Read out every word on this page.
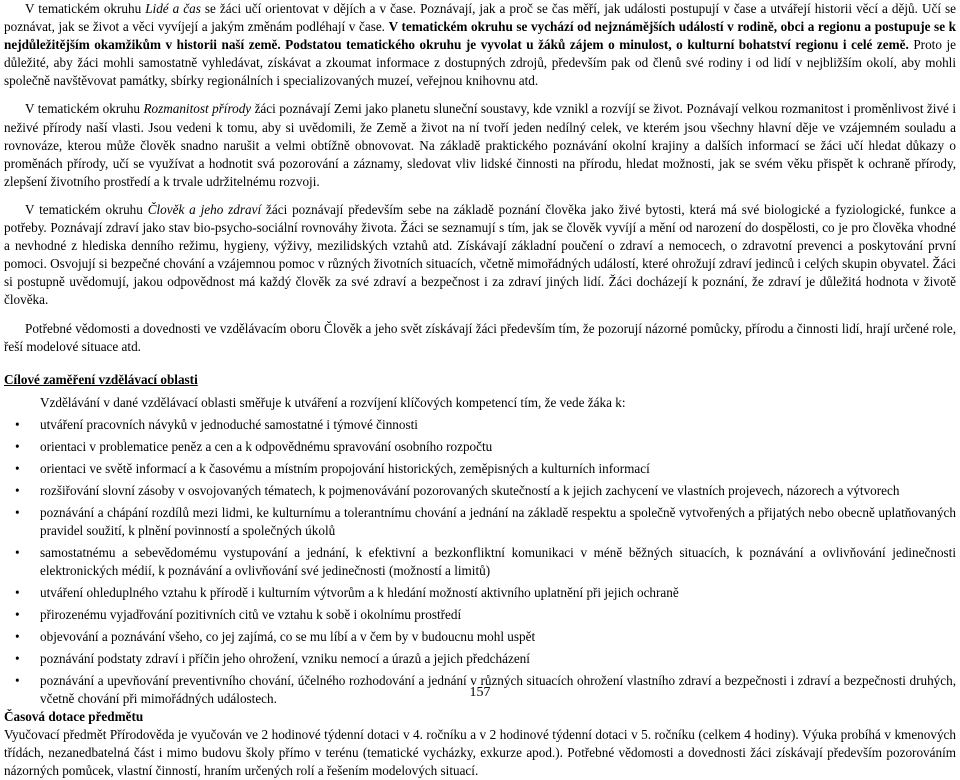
V tematickém okruhu Lidé a čas se žáci učí orientovat v dějích a v čase. Poznávají, jak a proč se čas měří, jak události postupují v čase a utvářejí historii věcí a dějů. Učí se poznávat, jak se život a věci vyvíjejí a jakým změnám podléhají v čase. V tematickém okruhu se vychází od nejznámějších událostí v rodině, obci a regionu a postupuje se k nejdůležitějším okamžikům v historii naší země. Podstatou tematického okruhu je vyvolat u žáků zájem o minulost, o kulturní bohatství regionu i celé země. Proto je důležité, aby žáci mohli samostatně vyhledávat, získávat a zkoumat informace z dostupných zdrojů, především pak od členů své rodiny i od lidí v nejbližším okolí, aby mohli společně navštěvovat památky, sbírky regionálních i specializovaných muzeí, veřejnou knihovnu atd.

V tematickém okruhu Rozmanitost přírody žáci poznávají Zemi jako planetu sluneční soustavy, kde vznikl a rozvíjí se život. Poznávají velkou rozmanitost i proměnlivost živé i neživé přírody naší vlasti. Jsou vedeni k tomu, aby si uvědomili, že Země a život na ní tvoří jeden nedílný celek, ve kterém jsou všechny hlavní děje ve vzájemném souladu a rovnováze, kterou může člověk snadno narušit a velmi obtížně obnovovat. Na základě praktického poznávání okolní krajiny a dalších informací se žáci učí hledat důkazy o proměnách přírody, učí se využívat a hodnotit svá pozorování a záznamy, sledovat vliv lidské činnosti na přírodu, hledat možnosti, jak se svém věku přispět k ochraně přírody, zlepšení životního prostředí a k trvale udržitelnému rozvoji.

V tematickém okruhu Člověk a jeho zdraví žáci poznávají především sebe na základě poznání člověka jako živé bytosti, která má své biologické a fyziologické, funkce a potřeby. Poznávají zdraví jako stav bio-psycho-sociální rovnováhy života. Žáci se seznamují s tím, jak se člověk vyvíjí a mění od narození do dospělosti, co je pro člověka vhodné a nevhodné z hlediska denního režimu, hygieny, výživy, mezilidských vztahů atd. Získávají základní poučení o zdraví a nemocech, o zdravotní prevenci a poskytování první pomoci. Osvojují si bezpečné chování a vzájemnou pomoc v různých životních situacích, včetně mimořádných událostí, které ohrožují zdraví jedinců i celých skupin obyvatel. Žáci si postupně uvědomují, jakou odpovědnost má každý člověk za své zdraví a bezpečnost i za zdraví jiných lidí. Žáci docházejí k poznání, že zdraví je důležitá hodnota v životě člověka.

Potřebné vědomosti a dovednosti ve vzdělávacím oboru Člověk a jeho svět získávají žáci především tím, že pozorují názorné pomůcky, přírodu a činnosti lidí, hrají určené role, řeší modelové situace atd.

Cílové zaměření vzdělávací oblasti

Vzdělávání v dané vzdělávací oblasti směřuje k utváření a rozvíjení klíčových kompetencí tím, že vede žáka k:

• utváření pracovních návyků v jednoduché samostatné i týmové činnosti
• orientaci v problematice peněz a cen a k odpovědnému spravování osobního rozpočtu
• orientaci ve světě informací a k časovému a místním propojování historických, zeměpisných a kulturních informací
• rozšiřování slovní zásoby v osvojovaných tématech, k pojmenovávání pozorovaných skutečností a k jejich zachycení ve vlastních projevech, názorech a výtvorech
• poznávání a chápání rozdílů mezi lidmi, ke kulturnímu a tolerantnímu chování a jednání na základě respektu a společně vytvořených a přijatých nebo obecně uplatňovaných pravidel soužití, k plnění povinností a společných úkolů
• samostatnému a sebevědomému vystupování a jednání, k efektivní a bezkonfliktní komunikaci v méně běžných situacích, k poznávání a ovlivňování jedinečnosti elektronických médií, k poznávání a ovlivňování své jedinečnosti (možností a limitů)
• utváření ohleduplného vztahu k přírodě i kulturním výtvorům a k hledání možností aktivního uplatnění při jejich ochraně
• přirozenému vyjadřování pozitivních citů ve vztahu k sobě i okolnímu prostředí
• objevování a poznávání všeho, co jej zajímá, co se mu líbí a v čem by v budoucnu mohl uspět
• poznávání podstaty zdraví i příčin jeho ohrožení, vzniku nemocí a úrazů a jejich předcházení
• poznávání a upevňování preventivního chování, účelného rozhodování a jednání v různých situacích ohrožení vlastního zdraví a bezpečnosti i zdraví a bezpečnosti druhých, včetně chování při mimořádných událostech.
Časová dotace předmětu

Vyučovací předmět Přírodověda je vyučován ve 2 hodinové týdenní dotaci v 4. ročníku a v 2 hodinové týdenní dotaci v 5. ročníku (celkem 4 hodiny). Výuka probíhá v kmenových třídách, nezanedbatelná část i mimo budovu školy přímo v terénu (tematické vycházky, exkurze apod.). Potřebné vědomosti a dovednosti žáci získávají především pozorováním názorných pomůcek, vlastní činností, hraním určených rolí a řešením modelových situací.

157
